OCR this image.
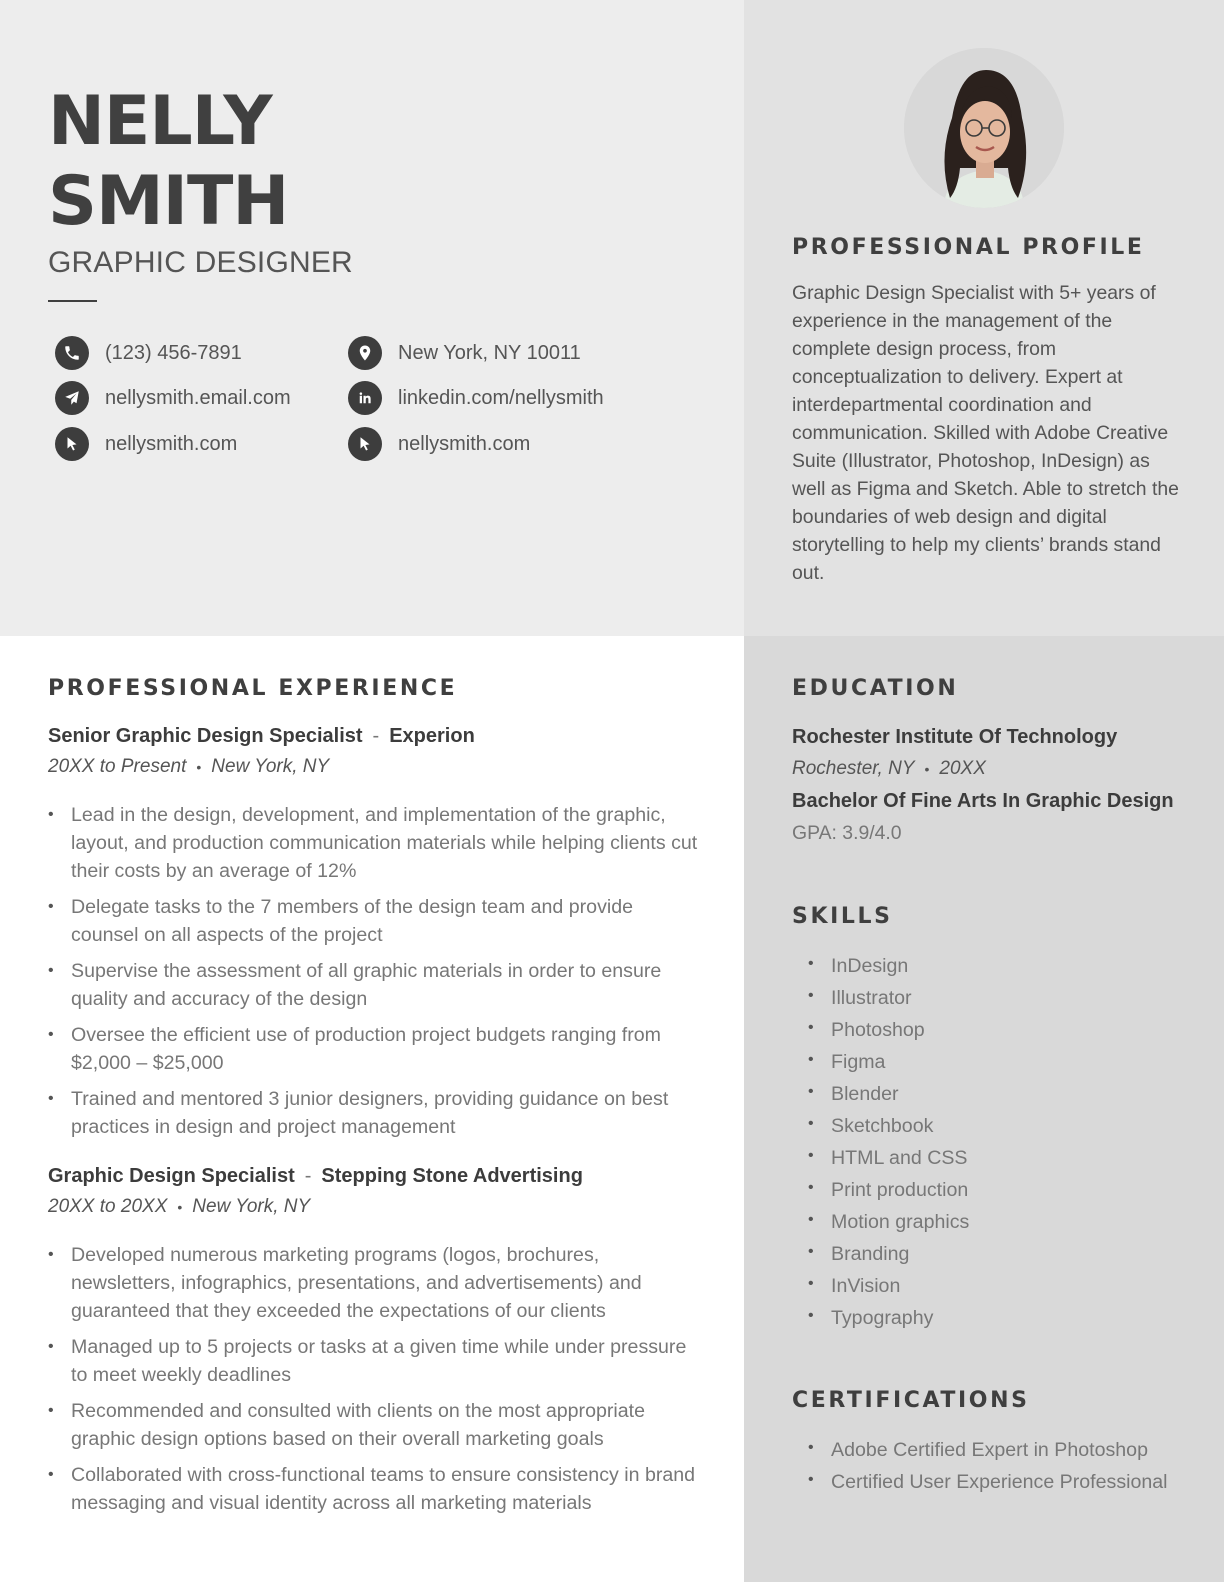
NELLY
SMITH
GRAPHIC DESIGNER
(123) 456-7891
nellysmith.email.com
nellysmith.com
New York, NY 10011
linkedin.com/nellysmith
nellysmith.com
PROFESSIONAL PROFILE
Graphic Design Specialist with 5+ years of experience in the management of the complete design process, from conceptualization to delivery. Expert at interdepartmental coordination and communication. Skilled with Adobe Creative Suite (Illustrator, Photoshop, InDesign) as well as Figma and Sketch. Able to stretch the boundaries of web design and digital storytelling to help my clients’ brands stand out.
PROFESSIONAL EXPERIENCE
Senior Graphic Design Specialist - Experion
20XX to Present • New York, NY
• Lead in the design, development, and implementation of the graphic, layout, and production communication materials while helping clients cut their costs by an average of 12%
• Delegate tasks to the 7 members of the design team and provide counsel on all aspects of the project
• Supervise the assessment of all graphic materials in order to ensure quality and accuracy of the design
• Oversee the efficient use of production project budgets ranging from $2,000 – $25,000
• Trained and mentored 3 junior designers, providing guidance on best practices in design and project management
Graphic Design Specialist - Stepping Stone Advertising
20XX to 20XX • New York, NY
• Developed numerous marketing programs (logos, brochures, newsletters, infographics, presentations, and advertisements) and guaranteed that they exceeded the expectations of our clients
• Managed up to 5 projects or tasks at a given time while under pressure to meet weekly deadlines
• Recommended and consulted with clients on the most appropriate graphic design options based on their overall marketing goals
• Collaborated with cross-functional teams to ensure consistency in brand messaging and visual identity across all marketing materials
EDUCATION
Rochester Institute Of Technology
Rochester, NY • 20XX
Bachelor Of Fine Arts In Graphic Design
GPA: 3.9/4.0
SKILLS
• InDesign
• Illustrator
• Photoshop
• Figma
• Blender
• Sketchbook
• HTML and CSS
• Print production
• Motion graphics
• Branding
• InVision
• Typography
CERTIFICATIONS
• Adobe Certified Expert in Photoshop
• Certified User Experience Professional
